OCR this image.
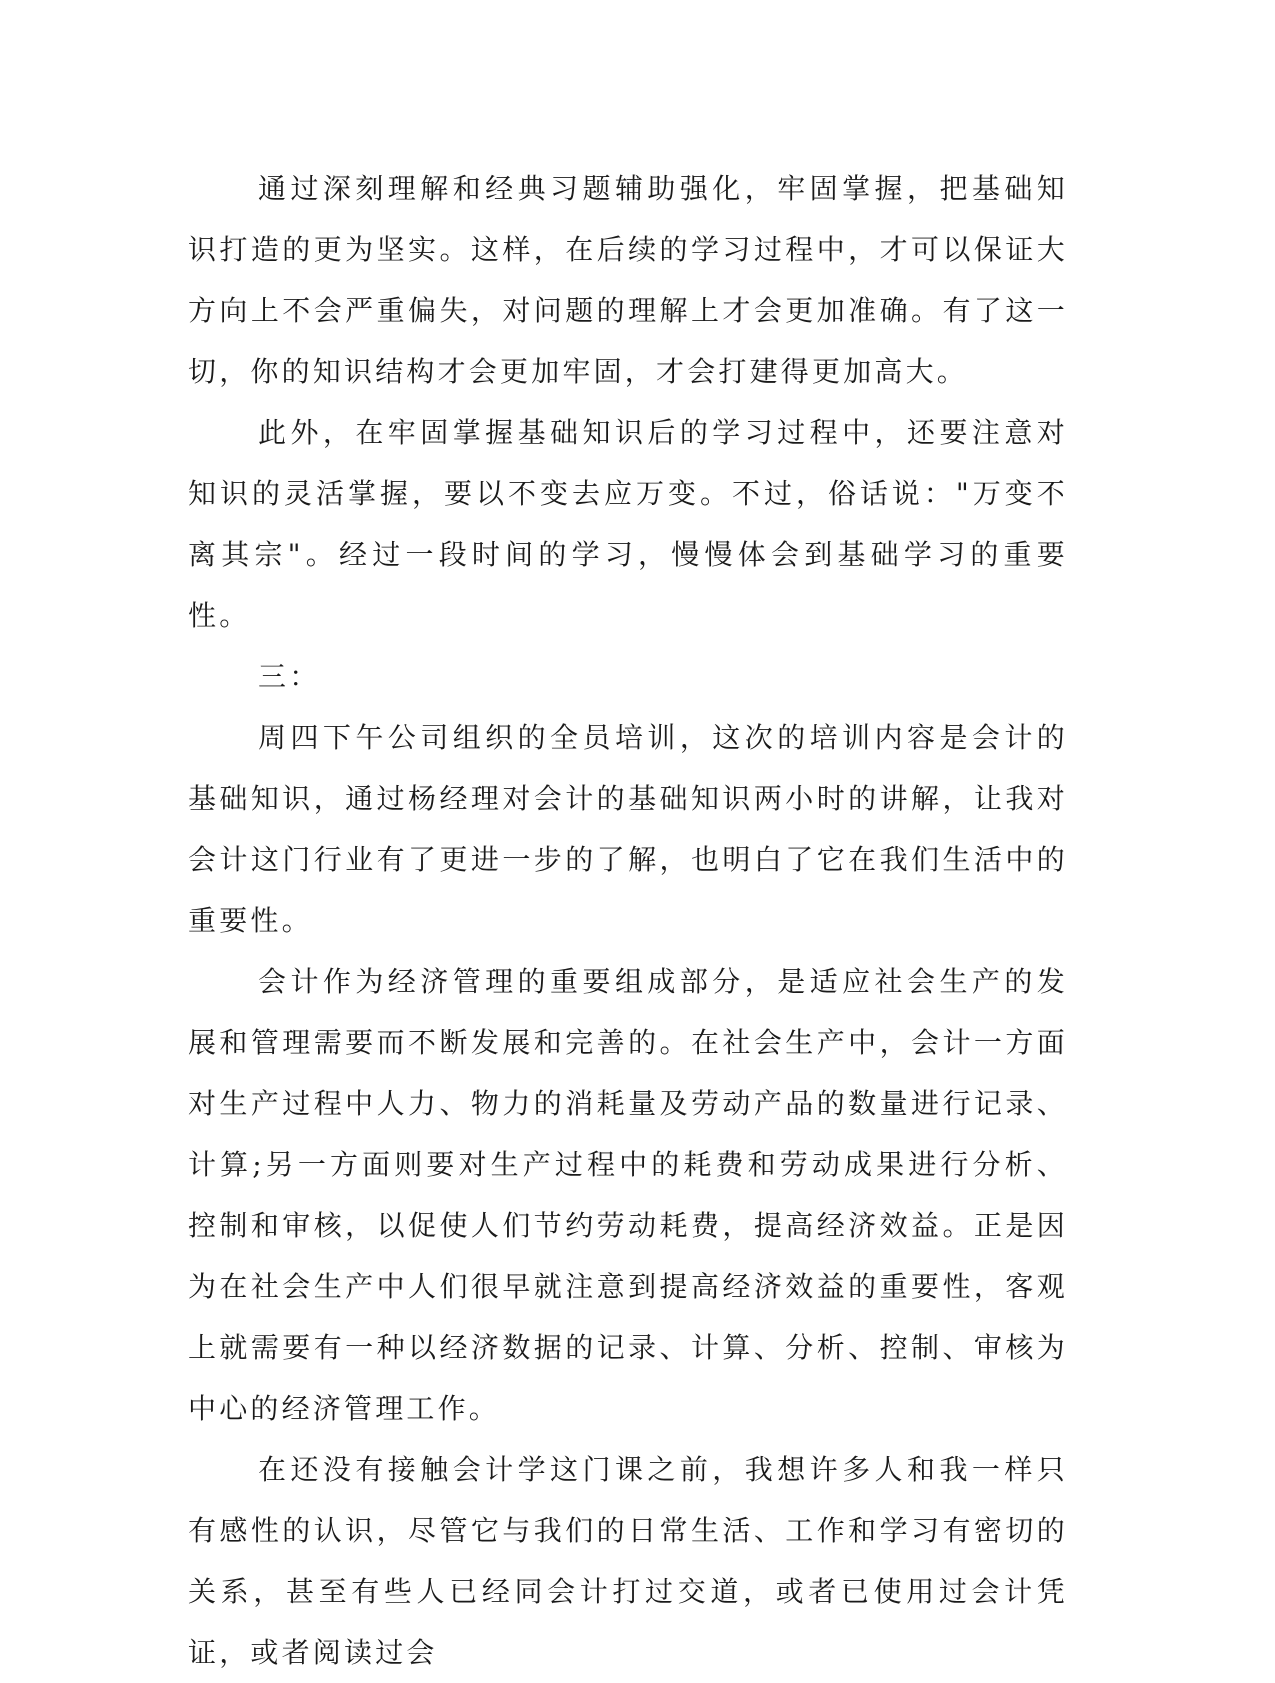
通过深刻理解和经典习题辅助强化，牢固掌握，把基础知识打造的更为坚实。这样，在后续的学习过程中，才可以保证大方向上不会严重偏失，对问题的理解上才会更加准确。有了这一切，你的知识结构才会更加牢固，才会打建得更加高大。

此外，在牢固掌握基础知识后的学习过程中，还要注意对知识的灵活掌握，要以不变去应万变。不过，俗话说："万变不离其宗"。经过一段时间的学习，慢慢体会到基础学习的重要性。

三：

周四下午公司组织的全员培训，这次的培训内容是会计的基础知识，通过杨经理对会计的基础知识两小时的讲解，让我对会计这门行业有了更进一步的了解，也明白了它在我们生活中的重要性。

会计作为经济管理的重要组成部分，是适应社会生产的发展和管理需要而不断发展和完善的。在社会生产中，会计一方面对生产过程中人力、物力的消耗量及劳动产品的数量进行记录、计算;另一方面则要对生产过程中的耗费和劳动成果进行分析、控制和审核，以促使人们节约劳动耗费，提高经济效益。正是因为在社会生产中人们很早就注意到提高经济效益的重要性，客观上就需要有一种以经济数据的记录、计算、分析、控制、审核为中心的经济管理工作。

在还没有接触会计学这门课之前，我想许多人和我一样只有感性的认识，尽管它与我们的日常生活、工作和学习有密切的关系，甚至有些人已经同会计打过交道，或者已使用过会计凭证，或者阅读过会
